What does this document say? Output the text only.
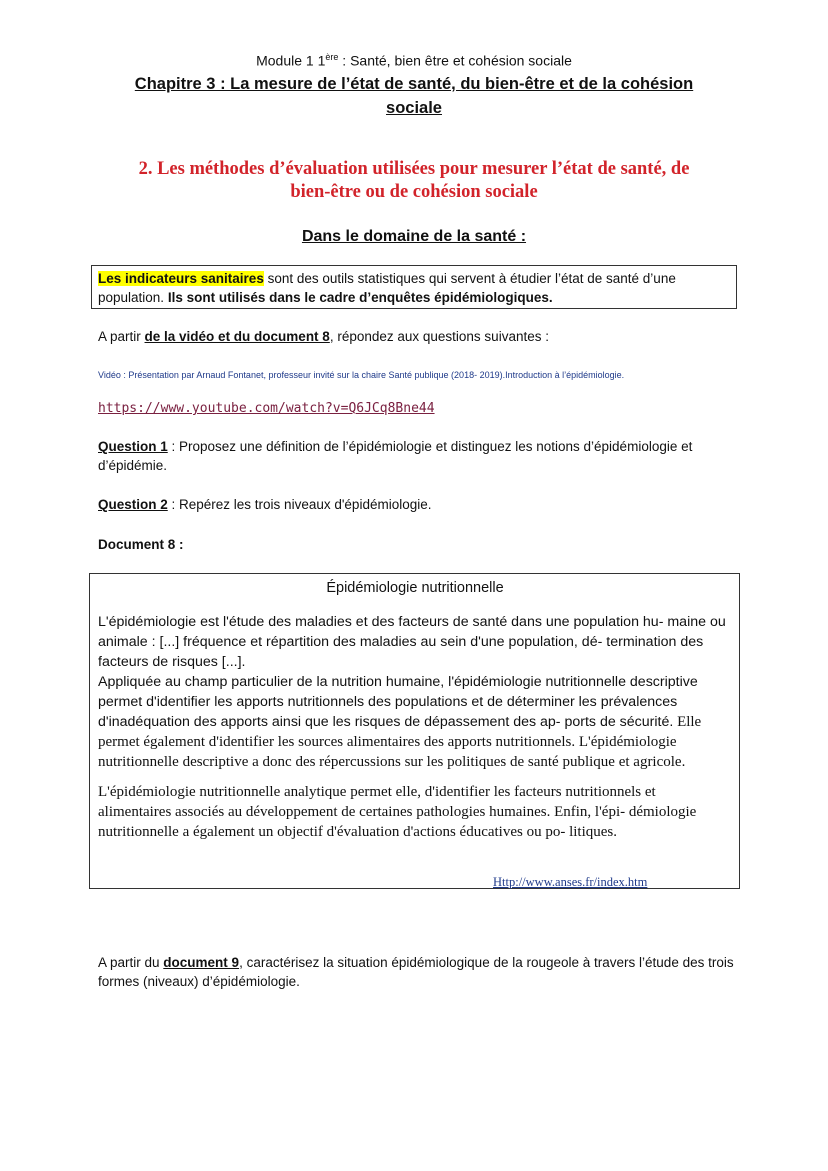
Module 1 1ère : Santé, bien être et cohésion sociale
Chapitre 3 : La mesure de l’état de santé, du bien-être et de la cohésion
sociale
2. Les méthodes d’évaluation utilisées pour mesurer l’état de santé, de
bien-être ou de cohésion sociale
Dans le domaine de la santé :
Les indicateurs sanitaires sont des outils statistiques qui servent à étudier l’état de santé d’une population. Ils sont utilisés dans le cadre d’enquêtes épidémiologiques.
A partir de la vidéo et du document 8, répondez aux questions suivantes :
Vidéo : Présentation par Arnaud Fontanet, professeur invité sur la chaire Santé publique (2018- 2019).Introduction à l’épidémiologie.
https://www.youtube.com/watch?v=Q6JCq8Bne44
Question 1 : Proposez une définition de l’épidémiologie et distinguez les notions d’épidémiologie et d’épidémie.
Question 2 : Repérez les trois niveaux d'épidémiologie.
Document 8 :
Épidémiologie nutritionnelle

L'épidémiologie est l'étude des maladies et des facteurs de santé dans une population hu- maine ou animale : [...] fréquence et répartition des maladies au sein d'une population, dé- termination des facteurs de risques [...].

Appliquée au champ particulier de la nutrition humaine, l'épidémiologie nutritionnelle descriptive permet d'identifier les apports nutritionnels des populations et de déterminer les prévalences d'inadéquation des apports ainsi que les risques de dépassement des ap- ports de sécurité. Elle permet également d'identifier les sources alimentaires des apports nutritionnels. L'épidémiologie nutritionnelle descriptive a donc des répercussions sur les politiques de santé publique et agricole.

L'épidémiologie nutritionnelle analytique permet elle, d'identifier les facteurs nutritionnels et alimentaires associés au développement de certaines pathologies humaines. Enfin, l'épi- démiologie nutritionnelle a également un objectif d'évaluation d'actions éducatives ou po- litiques.

Http://www.anses.fr/index.htm
A partir du document 9, caractérisez la situation épidémiologique de la rougeole à travers l’étude des trois formes (niveaux) d’épidémiologie.
